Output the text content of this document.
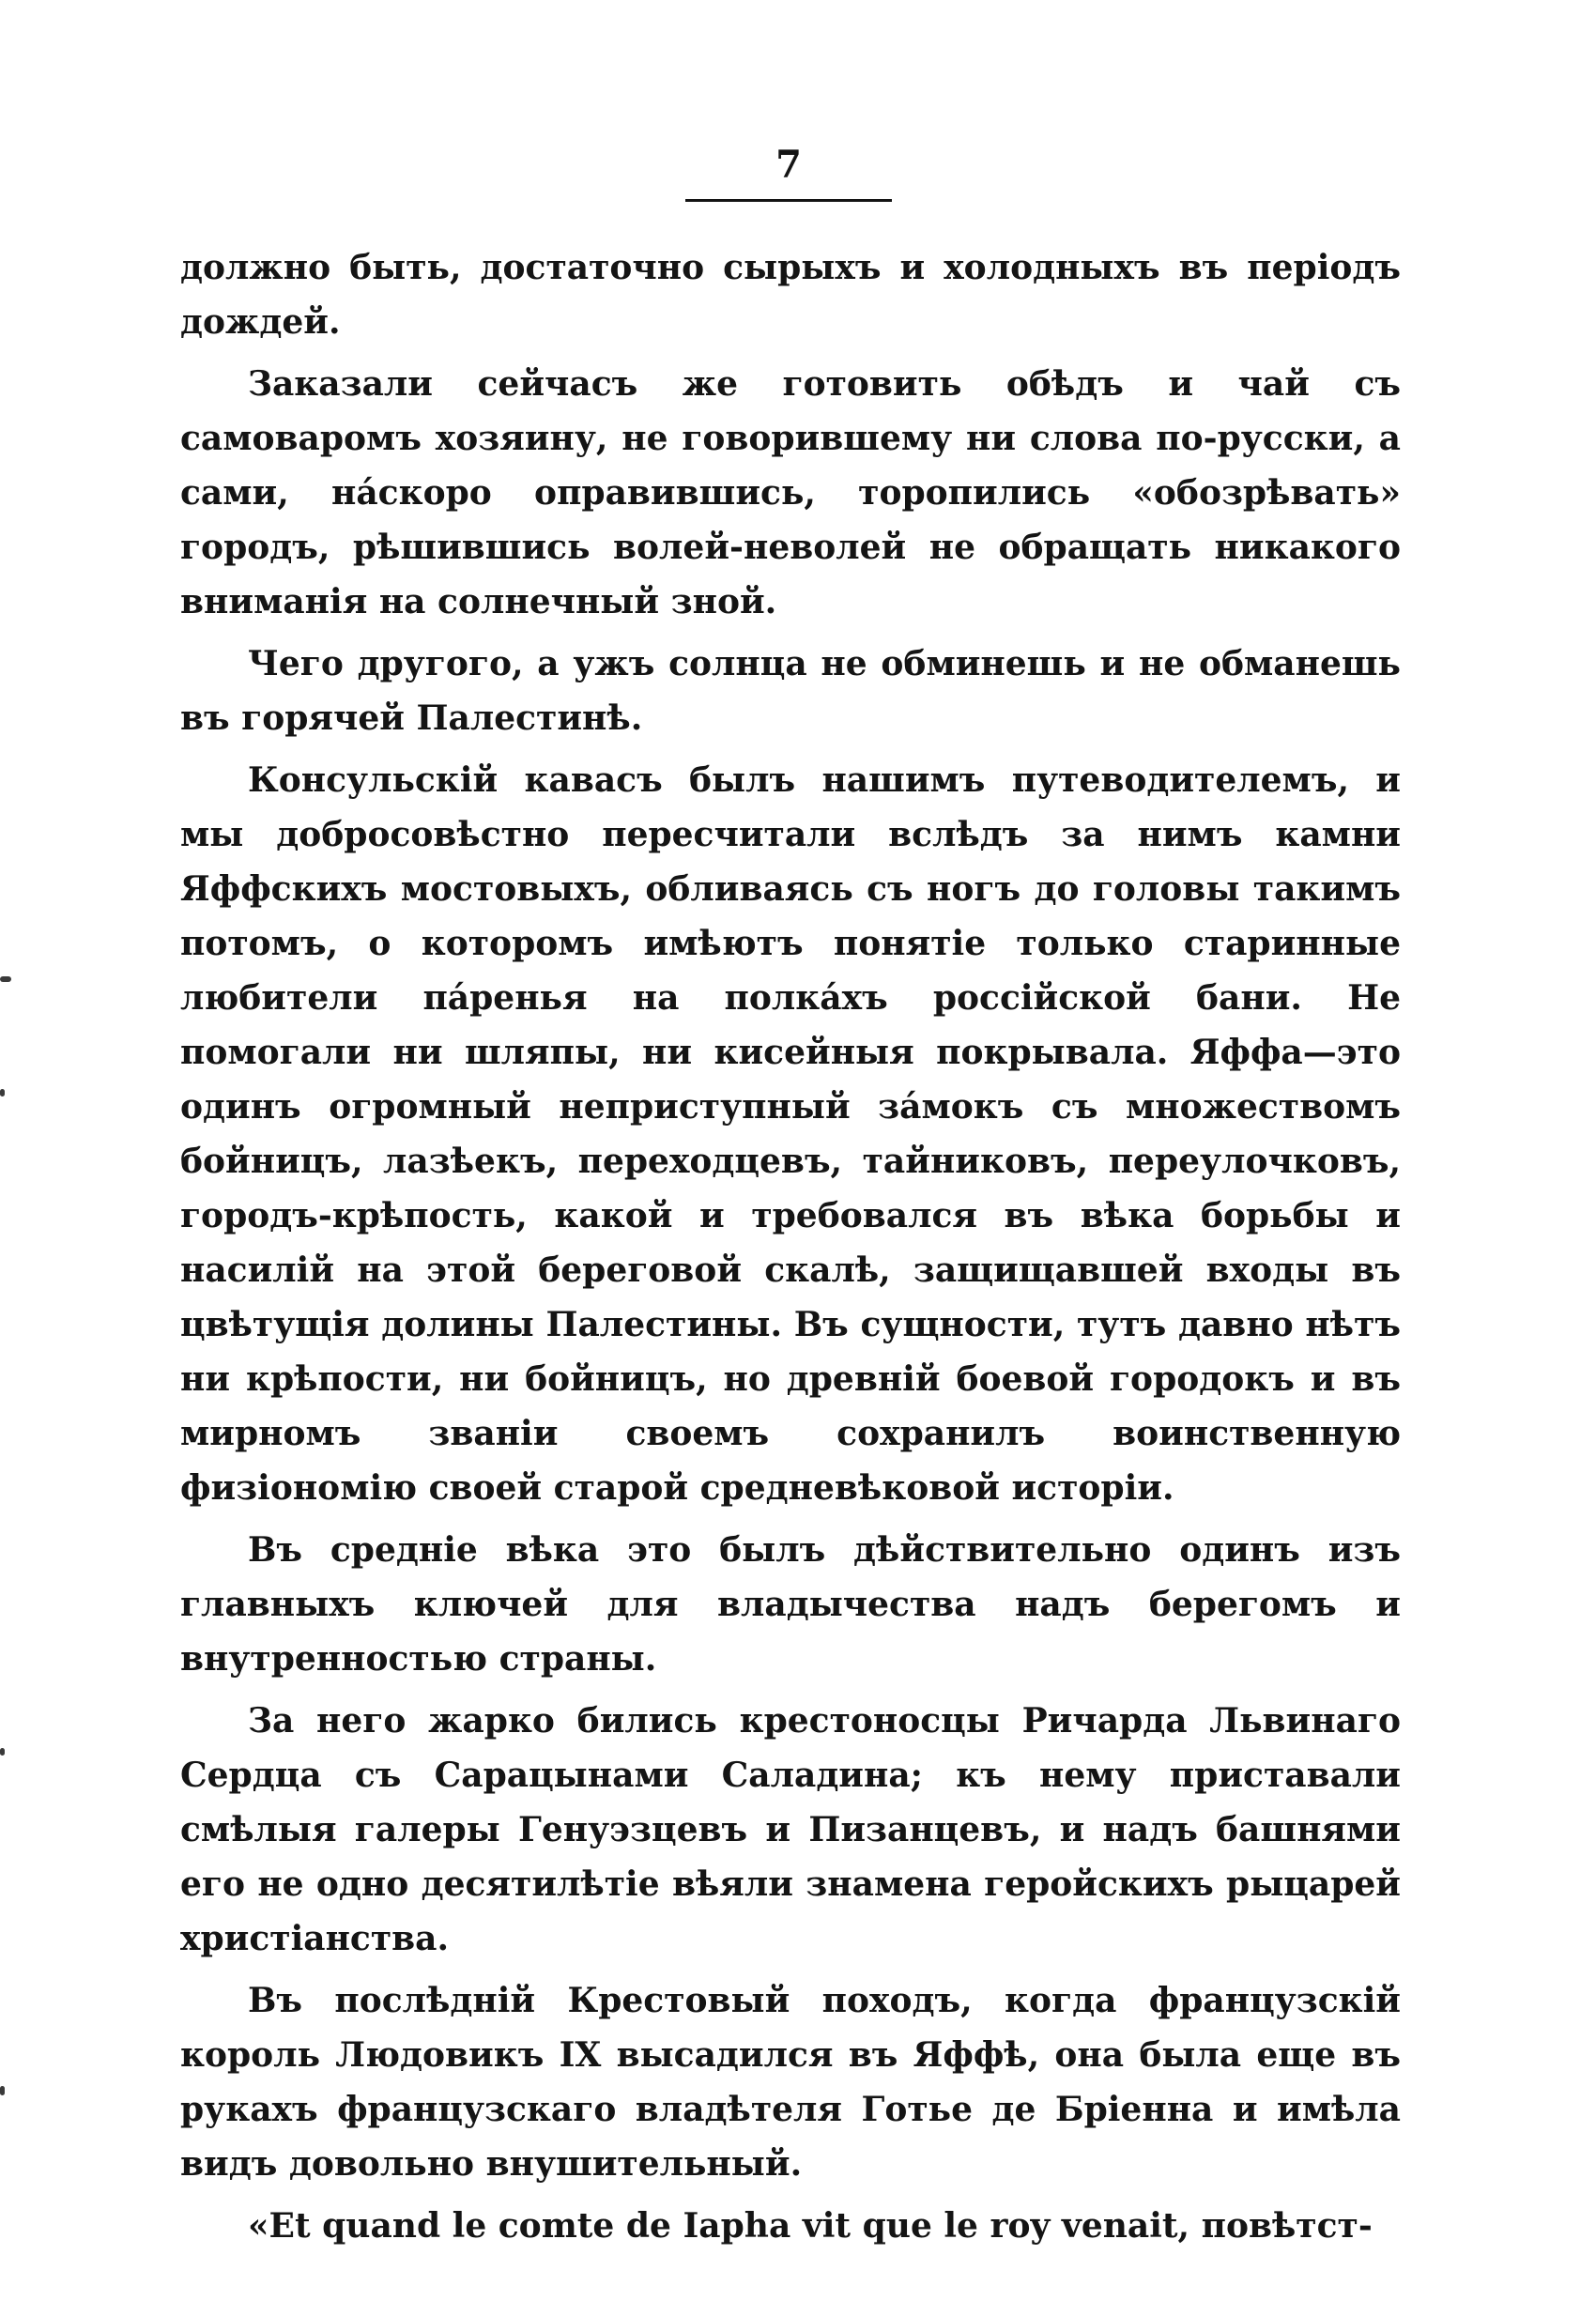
7

должно быть, достаточно сырыхъ и холодныхъ въ періодъ дождей.

Заказали сейчасъ же готовить обѣдъ и чай съ самоваромъ хозяину, не говорившему ни слова по-русски, а сами, нáскоро оправившись, торопились «обозрѣвать» городъ, рѣшившись волей-неволей не обращать никакого вниманія на солнечный зной.

Чего другого, а ужъ солнца не обминешь и не обманешь въ горячей Палестинѣ.

Консульскій кавасъ былъ нашимъ путеводителемъ, и мы добросовѣстно пересчитали вслѣдъ за нимъ камни Яффскихъ мостовыхъ, обливаясь съ ногъ до головы такимъ потомъ, о которомъ имѣютъ понятіе только старинные любители пáренья на полкáхъ россійской бани. Не помогали ни шляпы, ни кисейныя покрывала. Яффа—это одинъ огромный неприступный зáмокъ съ множествомъ бойницъ, лазѣекъ, переходцевъ, тайниковъ, переулочковъ, городъ-крѣпость, какой и требовался въ вѣка борьбы и насилій на этой береговой скалѣ, защищавшей входы въ цвѣтущія долины Палестины. Въ сущности, тутъ давно нѣтъ ни крѣпости, ни бойницъ, но древній боевой городокъ и въ мирномъ званіи своемъ сохранилъ воинственную физіономію своей старой средневѣковой исторіи.

Въ средніе вѣка это былъ дѣйствительно одинъ изъ главныхъ ключей для владычества надъ берегомъ и внутренностью страны.

За него жарко бились крестоносцы Ричарда Львинаго Сердца съ Сарацынами Саладина; къ нему приставали смѣлыя галеры Генуэзцевъ и Пизанцевъ, и надъ башнями его не одно десятилѣтіе вѣяли знамена геройскихъ рыцарей христіанства.

Въ послѣдній Крестовый походъ, когда французскій король Людовикъ IX высадился въ Яффѣ, она была еще въ рукахъ французскаго владѣтеля Готье де Бріенна и имѣла видъ довольно внушительный.

«Et quand le comte de Iapha vit que le roy venait, повѣтст-
